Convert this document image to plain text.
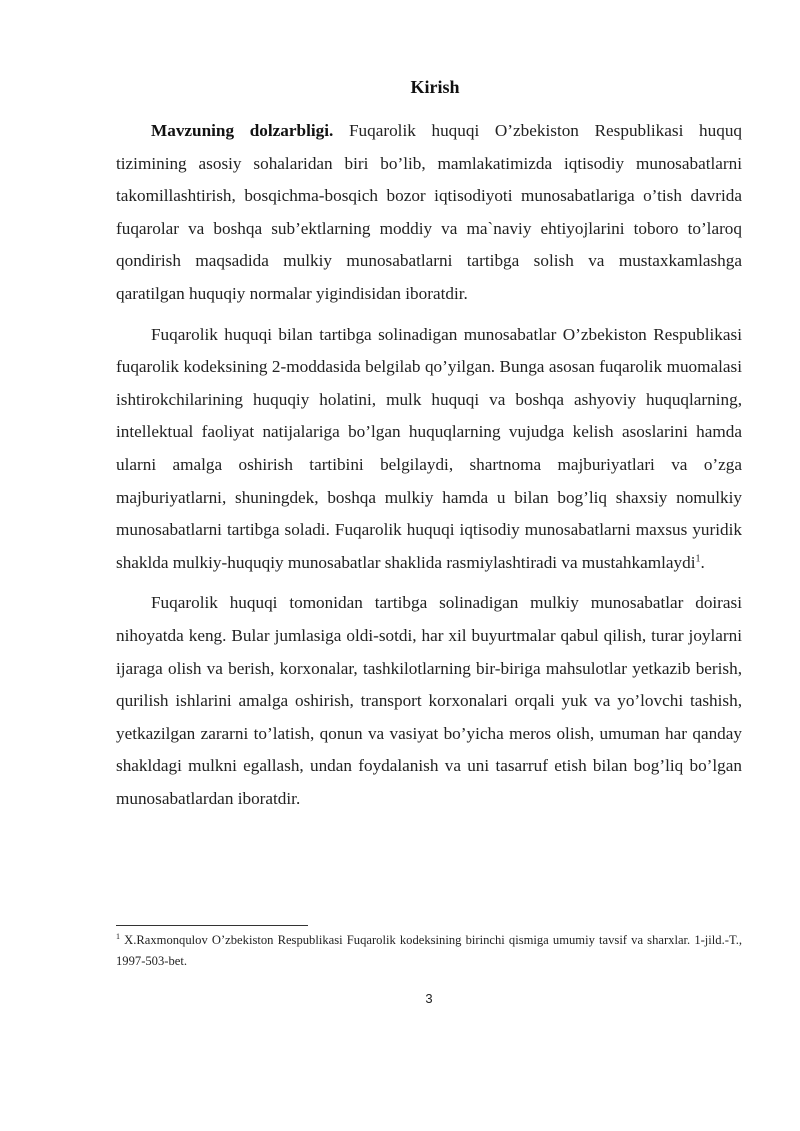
Kirish

Mavzuning dolzarbligi. Fuqarolik huquqi O’zbekiston Respublikasi huquq tizimining asosiy sohalaridan biri bo’lib, mamlakatimizda iqtisodiy munosabatlarni takomillashtirish, bosqichma-bosqich bozor iqtisodiyoti munosabatlariga o’tish davrida fuqarolar va boshqa sub’ektlarning moddiy va ma`naviy ehtiyojlarini toboro to’laroq qondirish maqsadida mulkiy munosabatlarni tartibga solish va mustaxkamlashga qaratilgan huquqiy normalar yigindisidan iboratdir.

Fuqarolik huquqi bilan tartibga solinadigan munosabatlar O’zbekiston Respublikasi fuqarolik kodeksining 2-moddasida belgilab qo’yilgan. Bunga asosan fuqarolik muomalasi ishtirokchilarining huquqiy holatini, mulk huquqi va boshqa ashyoviy huquqlarning, intellektual faoliyat natijalariga bo’lgan huquqlarning vujudga kelish asoslarini hamda ularni amalga oshirish tartibini belgilaydi, shartnoma majburiyatlari va o’zga majburiyatlarni, shuningdek, boshqa mulkiy hamda u bilan bog’liq shaxsiy nomulkiy munosabatlarni tartibga soladi. Fuqarolik huquqi iqtisodiy munosabatlarni maxsus yuridik shaklda mulkiy-huquqiy munosabatlar shaklida rasmiylashtiradi va mustahkamlaydi$^1$.

Fuqarolik huquqi tomonidan tartibga solinadigan mulkiy munosabatlar doirasi nihoyatda keng. Bular jumlasiga oldi-sotdi, har xil buyurtmalar qabul qilish, turar joylarni ijaraga olish va berish, korxonalar, tashkilotlarning bir-biriga mahsulotlar yetkazib berish, qurilish ishlarini amalga oshirish, transport korxonalari orqali yuk va yo’lovchi tashish, yetkazilgan zararni to’latish, qonun va vasiyat bo’yicha meros olish, umuman har qanday shakldagi mulkni egallash, undan foydalanish va uni tasarruf etish bilan bog’liq bo’lgan munosabatlardan iboratdir.

$^1$ X.Raxmonqulov O’zbekiston Respublikasi Fuqarolik kodeksining birinchi qismiga umumiy tavsif va sharxlar. 1-jild.-T., 1997-503-bet.
3
